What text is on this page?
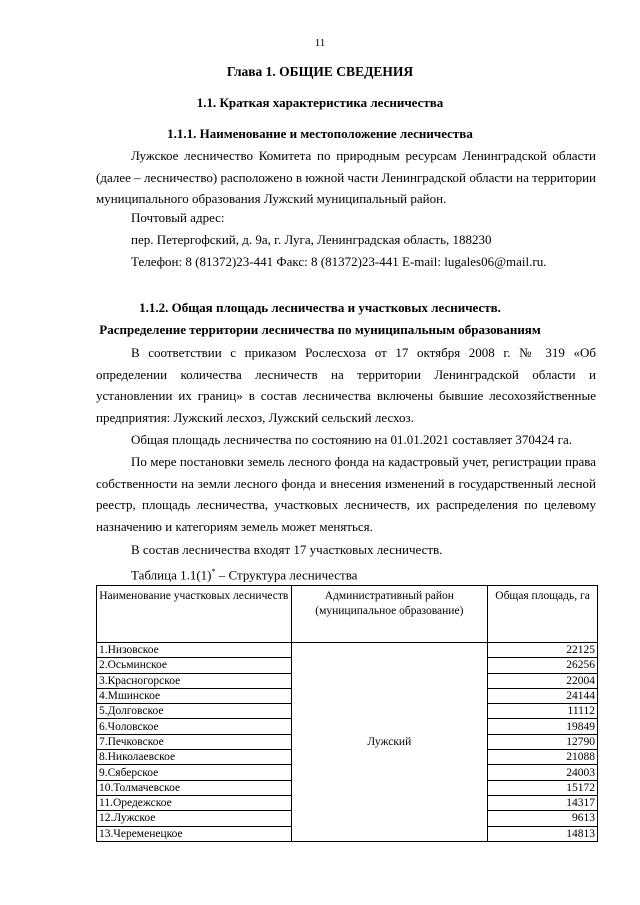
11
Глава 1. ОБЩИЕ СВЕДЕНИЯ
1.1. Краткая характеристика лесничества
1.1.1. Наименование и местоположение лесничества

Лужское лесничество Комитета по природным ресурсам Ленинградской области (далее – лесничество) расположено в южной части Ленинградской области на территории муниципального образования Лужский муниципальный район.

Почтовый адрес:

пер. Петергофский, д. 9а, г. Луга, Ленинградская область, 188230

Телефон: 8 (81372)23-441 Факс: 8 (81372)23-441 E-mail: lugales06@mail.ru.

1.1.2. Общая площадь лесничества и участковых лесничеств.
Распределение территории лесничества по муниципальным образованиям

В соответствии с приказом Рослесхоза от 17 октября 2008 г. № 319 «Об определении количества лесничеств на территории Ленинградской области и установлении их границ» в состав лесничества включены бывшие лесохозяйственные предприятия: Лужский лесхоз, Лужский сельский лесхоз.

Общая площадь лесничества по состоянию на 01.01.2021 составляет 370424 га.

По мере постановки земель лесного фонда на кадастровый учет, регистрации права собственности на земли лесного фонда и внесения изменений в государственный лесной реестр, площадь лесничества, участковых лесничеств, их распределения по целевому назначению и категориям земель может меняться.

В состав лесничества входят 17 участковых лесничеств.

Таблица 1.1(1)* – Структура лесничества
Наименование участковых лесничеств	Административный район (муниципальное образование)	Общая площадь, га
1.Низовское	Лужский	22125
2.Осьминское		26256
3.Красногорское		22004
4.Мшинское		24144
5.Долговское		11112
6.Чоловское		19849
7.Печковское		12790
8.Николаевское		21088
9.Сяберское		24003
10.Толмачевское		15172
11.Оредежское		14317
12.Лужское		9613
13.Череменецкое		14813
